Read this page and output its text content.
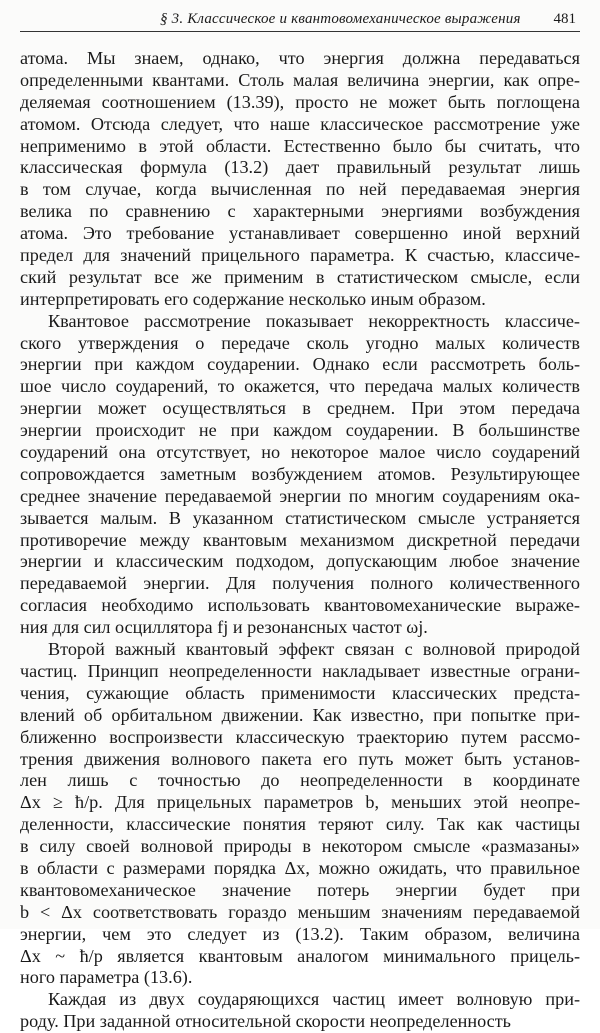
§ 3. Классическое и квантовомеханическое выражения 481
атома. Мы знаем, однако, что энергия должна передаваться
определенными квантами. Столь малая величина энергии, как опре-
деляемая соотношением (13.39), просто не может быть поглощена
атомом. Отсюда следует, что наше классическое рассмотрение уже
неприменимо в этой области. Естественно было бы считать, что
классическая формула (13.2) дает правильный результат лишь
в том случае, когда вычисленная по ней передаваемая энергия
велика по сравнению с характерными энергиями возбуждения
атома. Это требование устанавливает совершенно иной верхний
предел для значений прицельного параметра. К счастью, классиче-
ский результат все же применим в статистическом смысле, если
интерпретировать его содержание несколько иным образом.
Квантовое рассмотрение показывает некорректность классиче-
ского утверждения о передаче сколь угодно малых количеств
энергии при каждом соударении. Однако если рассмотреть боль-
шое число соударений, то окажется, что передача малых количеств
энергии может осуществляться в среднем. При этом передача
энергии происходит не при каждом соударении. В большинстве
соударений она отсутствует, но некоторое малое число соударений
сопровождается заметным возбуждением атомов. Результирующее
среднее значение передаваемой энергии по многим соударениям ока-
зывается малым. В указанном статистическом смысле устраняется
противоречие между квантовым механизмом дискретной передачи
энергии и классическим подходом, допускающим любое значение
передаваемой энергии. Для получения полного количественного
согласия необходимо использовать квантовомеханические выраже-
ния для сил осцилляторa fj и резонансных частот ωj.
Второй важный квантовый эффект связан с волновой природой
частиц. Принцип неопределенности накладывает известные ограни-
чения, сужающие область применимости классических предста-
влений об орбитальном движении. Как известно, при попытке при-
ближенно воспроизвести классическую траекторию путем рассмо-
трения движения волнового пакета его путь может быть установ-
лен лишь с точностью до неопределенности в координате
Δx ≥ ħ/p. Для прицельных параметров b, меньших этой неопре-
деленности, классические понятия теряют силу. Так как частицы
в силу своей волновой природы в некотором смысле «размазаны»
в области с размерами порядка Δx, можно ожидать, что правильное
квантовомеханическое значение потерь энергии будет при
b < Δx соответствовать гораздо меньшим значениям передаваемой
энергии, чем это следует из (13.2). Таким образом, величина
Δx ~ ħ/p является квантовым аналогом минимального прицель-
ного параметра (13.6).
Каждая из двух соударяющихся частиц имеет волновую при-
роду. При заданной относительной скорости неопределенность
